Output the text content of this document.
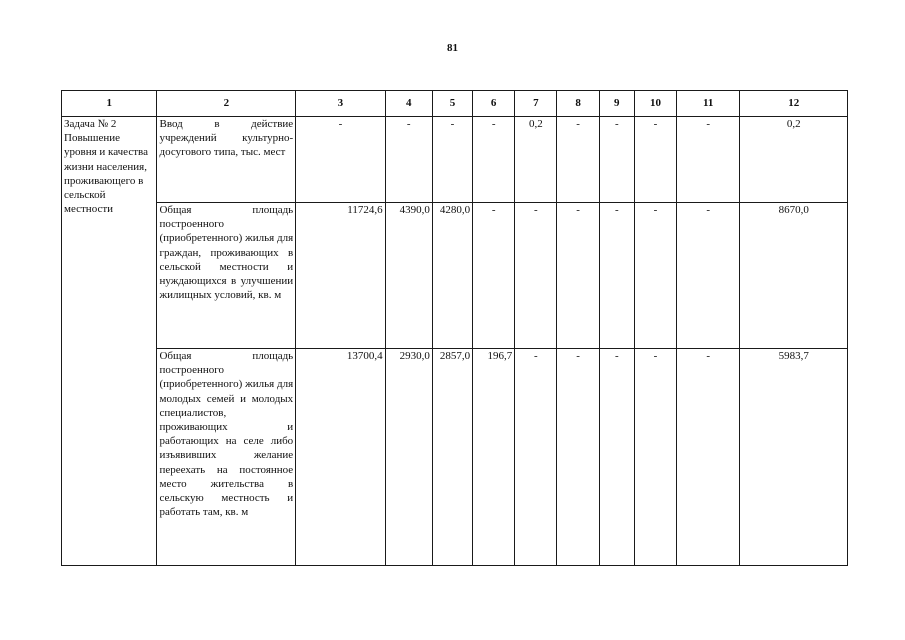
81
1	2	3	4	5	6	7	8	9	10	11	12
Задача № 2 Повышение уровня и качества жизни населения, проживающего в сельской местности	Ввод в действие учреждений культурно-досугового типа, тыс. мест	-	-	-	-	0,2	-	-	-	-	0,2
	Общая площадь построенного (приобретенного) жилья для граждан, проживающих в сельской местности и нуждающихся в улучшении жилищных условий, кв. м	11724,6	4390,0	4280,0	-	-	-	-	-	-	8670,0
	Общая площадь построенного (приобретенного) жилья для молодых семей и молодых специалистов, проживающих и работающих на селе либо изъявивших желание переехать на постоянное место жительства в сельскую местность и работать там, кв. м	13700,4	2930,0	2857,0	196,7	-	-	-	-	-	5983,7
